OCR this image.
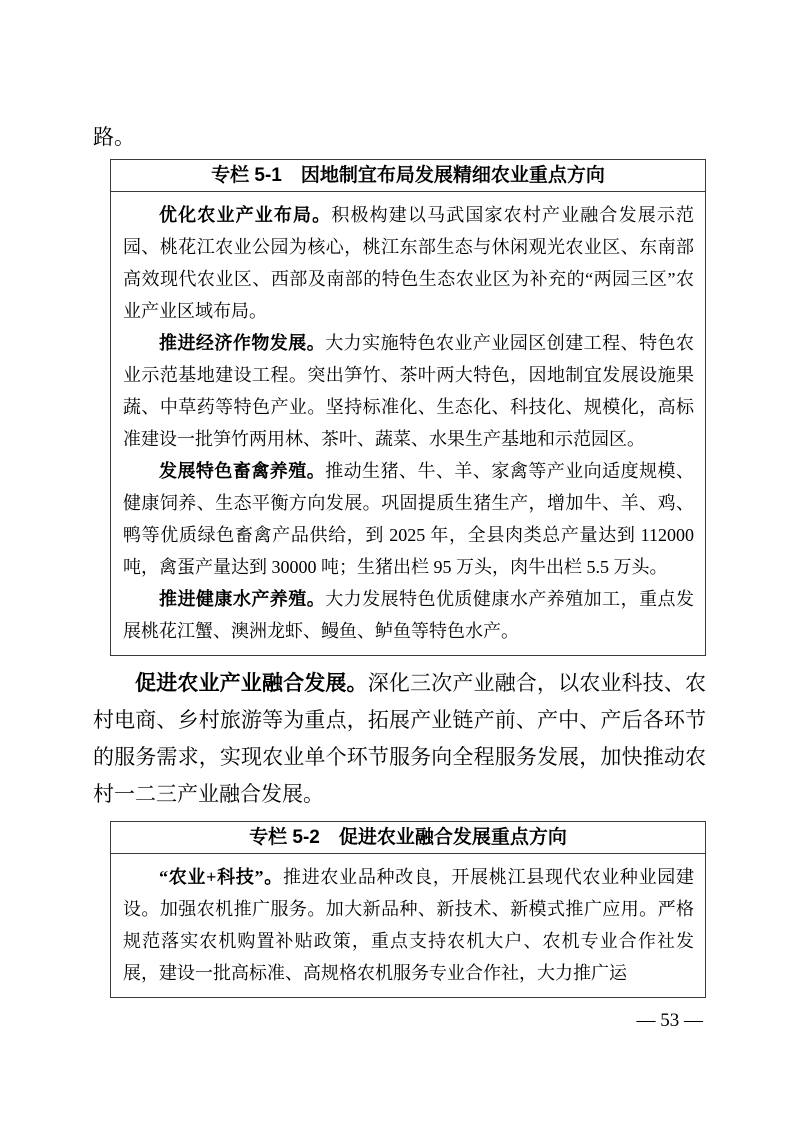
路。

专栏 5-1　因地制宜布局发展精细农业重点方向

优化农业产业布局。积极构建以马武国家农村产业融合发展示范园、桃花江农业公园为核心，桃江东部生态与休闲观光农业区、东南部高效现代农业区、西部及南部的特色生态农业区为补充的“两园三区”农业产业区域布局。

推进经济作物发展。大力实施特色农业产业园区创建工程、特色农业示范基地建设工程。突出笋竹、茶叶两大特色，因地制宜发展设施果蔬、中草药等特色产业。坚持标准化、生态化、科技化、规模化，高标准建设一批笋竹两用林、茶叶、蔬菜、水果生产基地和示范园区。

发展特色畜禽养殖。推动生猪、牛、羊、家禽等产业向适度规模、健康饲养、生态平衡方向发展。巩固提质生猪生产，增加牛、羊、鸡、鸭等优质绿色畜禽产品供给，到 2025 年，全县肉类总产量达到 112000 吨，禽蛋产量达到 30000 吨；生猪出栏 95 万头，肉牛出栏 5.5 万头。

推进健康水产养殖。大力发展特色优质健康水产养殖加工，重点发展桃花江蟹、澳洲龙虾、鳗鱼、鲈鱼等特色水产。

促进农业产业融合发展。深化三次产业融合，以农业科技、农村电商、乡村旅游等为重点，拓展产业链产前、产中、产后各环节的服务需求，实现农业单个环节服务向全程服务发展，加快推动农村一二三产业融合发展。

专栏 5-2　促进农业融合发展重点方向

“农业+科技”。推进农业品种改良，开展桃江县现代农业种业园建设。加强农机推广服务。加大新品种、新技术、新模式推广应用。严格规范落实农机购置补贴政策，重点支持农机大户、农机专业合作社发展，建设一批高标准、高规格农机服务专业合作社，大力推广运

— 53 —
